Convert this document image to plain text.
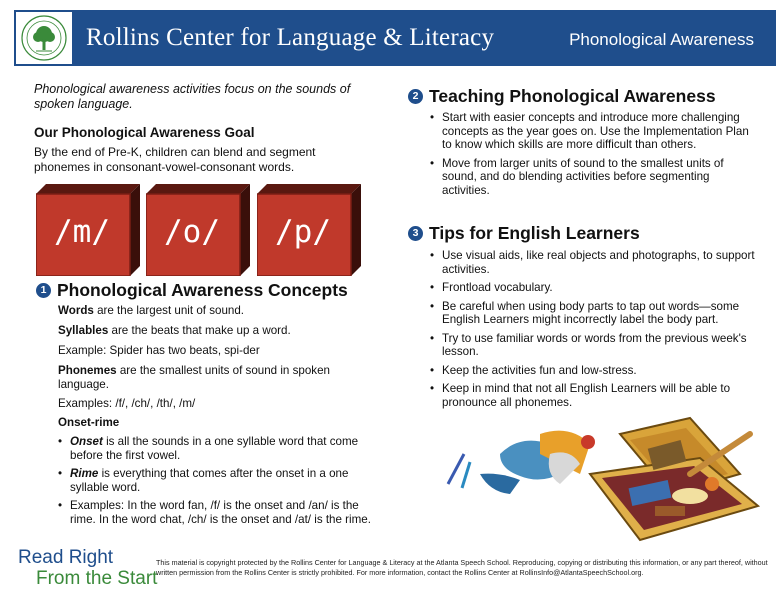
Rollins Center for Language & Literacy	Phonological Awareness
Phonological awareness activities focus on the sounds of spoken language.
Our Phonological Awareness Goal
By the end of Pre-K, children can blend and segment phonemes in consonant-vowel-consonant words.
/m/	/o/	/p/
1 Phonological Awareness Concepts
Words are the largest unit of sound.
Syllables are the beats that make up a word.
Example: Spider has two beats, spi-der
Phonemes are the smallest units of sound in spoken language.
Examples: /f/, /ch/, /th/, /m/
Onset-rime
• Onset is all the sounds in a one syllable word that come before the first vowel.
• Rime is everything that comes after the onset in a one syllable word.
• Examples: In the word fan, /f/ is the onset and /an/ is the rime. In the word chat, /ch/ is the onset and /at/ is the rime.
2 Teaching Phonological Awareness
• Start with easier concepts and introduce more challenging concepts as the year goes on. Use the Implementation Plan to know which skills are more difficult than others.
• Move from larger units of sound to the smallest units of sound, and do blending activities before segmenting activities.
3 Tips for English Learners
• Use visual aids, like real objects and photographs, to support activities.
• Frontload vocabulary.
• Be careful when using body parts to tap out words—some English Learners might incorrectly label the body part.
• Try to use familiar words or words from the previous week's lesson.
• Keep the activities fun and low-stress.
• Keep in mind that not all English Learners will be able to pronounce all phonemes.
Read Right
From the Start
This material is copyright protected by the Rollins Center for Language & Literacy at the Atlanta Speech School. Reproducing, copying or distributing this information, or any part thereof, without written permission from the Rollins Center is strictly prohibited. For more information, contact the Rollins Center at RollinsInfo@AtlantaSpeechSchool.org.
